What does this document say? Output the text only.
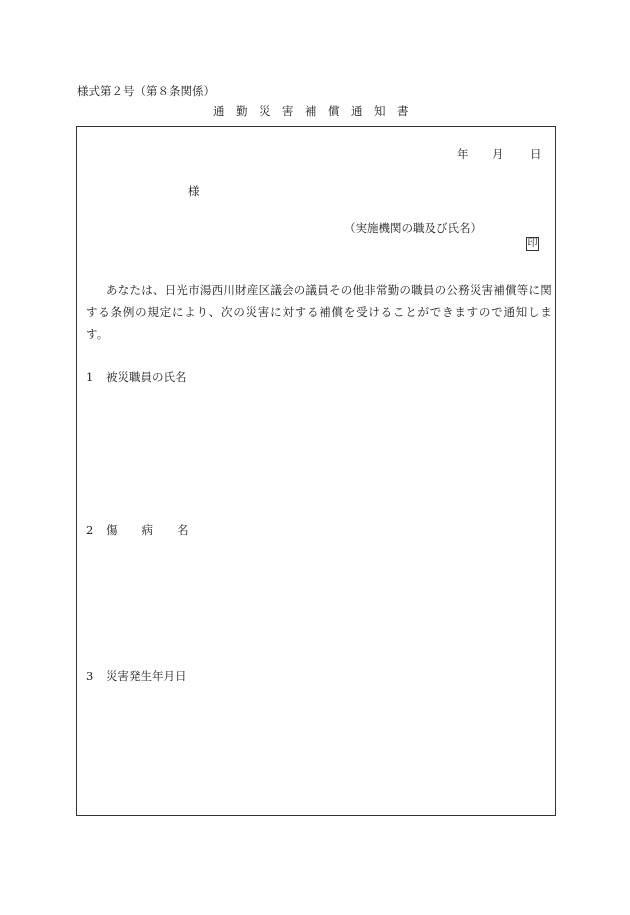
様式第２号（第８条関係）
通勤災害補償通知書
年 月 日
様
（実施機関の職及び氏名）
印
あなたは、日光市湯西川財産区議会の議員その他非常勤の職員の公務災害補償等に関する条例の規定により、次の災害に対する補償を受けることができますので通知します。
1 被災職員の氏名
2 傷病名
3 災害発生年月日
